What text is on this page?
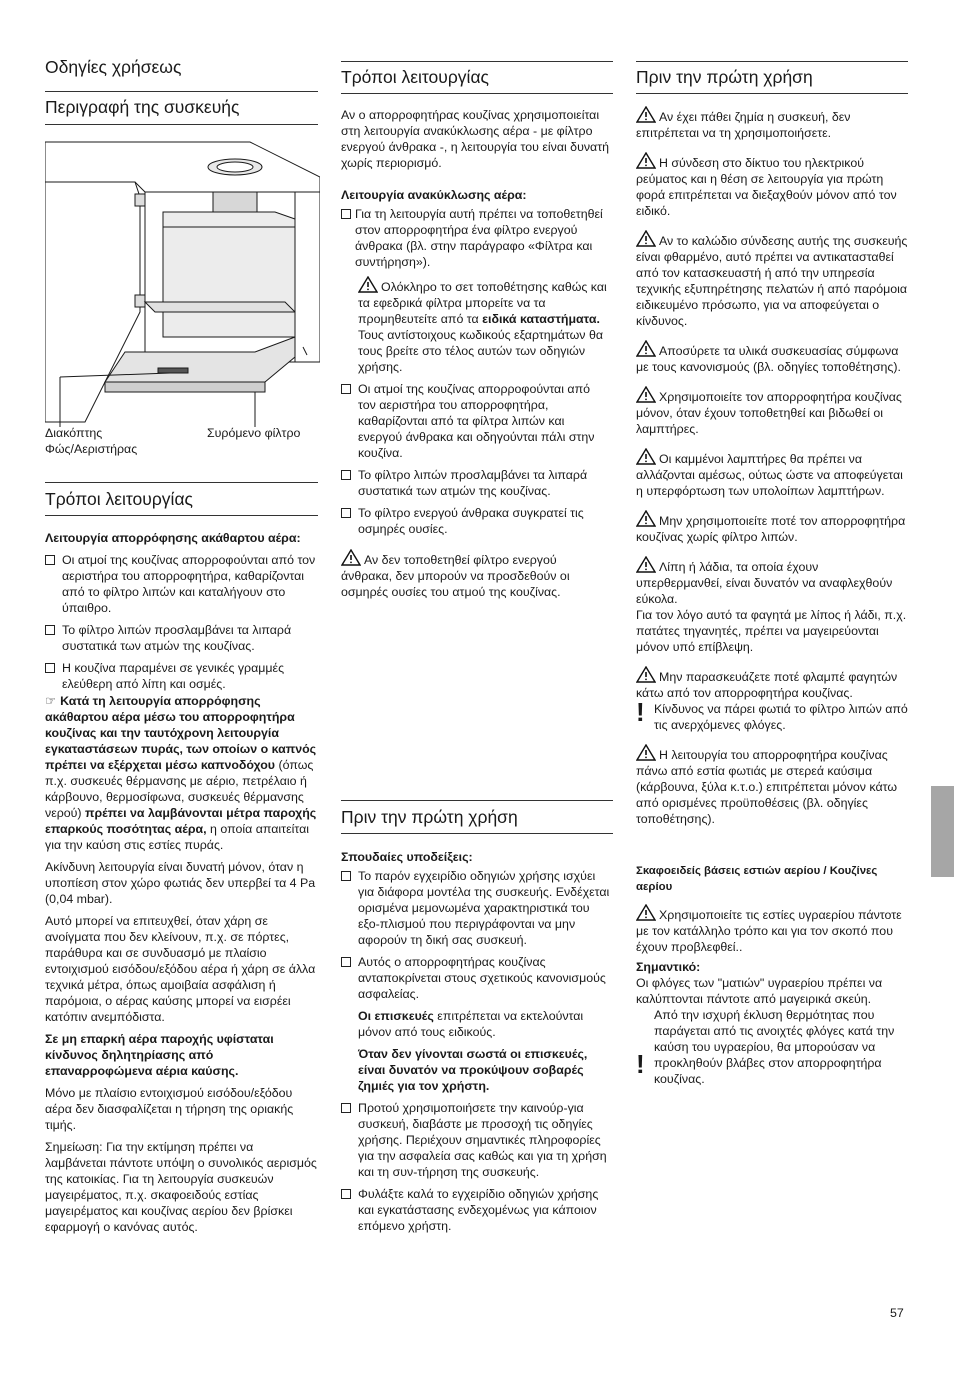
Οδηγίες χρήσεως
Περιγραφή της συσκευής
Διακόπτης
Φώς/Αεριστήρας
Συρόμενο φίλτρο
Τρόποι λειτουργίας

Λειτουργία απορρόφησης ακάθαρτου αέρα:

Οι ατμοί της κουζίνας απορροφούνται από τον αεριστήρα του απορροφητήρα, καθαρίζονται από το φίλτρο λιπών και καταλήγουν στο ύπαιθρο.
Το φίλτρο λιπών προσλαμβάνει τα λιπαρά συστατικά των ατμών της κουζίνας.
Η κουζίνα παραμένει σε γενικές γραμμές ελεύθερη από λίπη και οσμές.

☞ Κατά τη λειτουργία απορρόφησης ακάθαρτου αέρα μέσω του απορροφητήρα κουζίνας και την ταυτόχρονη λειτουργία εγκαταστάσεων πυράς, των οποίων ο καπνός πρέπει να εξέρχεται μέσω καπνοδόχου (όπως π.χ. συσκευές θέρμανσης με αέριο, πετρέλαιο ή κάρβουνο, θερμοσίφωνα, συσκευές θέρμανσης νερού) πρέπει να λαμβάνονται μέτρα παροχής επαρκούς ποσότητας αέρα, η οποία απαιτείται για την καύση στις εστίες πυράς.

Ακίνδυνη λειτουργία είναι δυνατή μόνον, όταν η υποπίεση στον χώρο φωτιάς δεν υπερβεί τα 4 Pa (0,04 mbar).

Αυτό μπορεί να επιτευχθεί, όταν χάρη σε ανοίγματα που δεν κλείνουν, π.χ. σε πόρτες, παράθυρα και σε συνδυασμό με πλαίσιο εντοιχισμού εισόδου/εξόδου αέρα ή χάρη σε άλλα τεχνικά μέτρα, όπως αμοιβαία ασφάλιση ή παρόμοια, ο αέρας καύσης μπορεί να εισρέει κατόπιν ανεμπόδιστα.

Σε μη επαρκή αέρα παροχής υφίσταται κίνδυνος δηλητηρίασης από επαναρροφώμενα αέρια καύσης.

Μόνο με πλαίσιο εντοιχισμού εισόδου/εξόδου αέρα δεν διασφαλίζεται η τήρηση της οριακής τιμής.

Σημείωση: Για την εκτίμηση πρέπει να λαμβάνεται πάντοτε υπόψη ο συνολικός αερισμός της κατοικίας. Για τη λειτουργία συσκευών μαγειρέματος, π.χ. σκαφοειδούς εστίας μαγειρέματος και κουζίνας αερίου δεν βρίσκει εφαρμογή ο κανόνας αυτός.

Τρόποι λειτουργίας

Αν ο απορροφητήρας κουζίνας χρησιμοποιείται στη λειτουργία ανακύκλωσης αέρα - με φίλτρο ενεργού άνθρακα -, η λειτουργία του είναι δυνατή χωρίς περιορισμό.

Λειτουργία ανακύκλωσης αέρα:

Για τη λειτουργία αυτή πρέπει να τοποθετηθεί στον απορροφητήρα ένα φίλτρο ενεργού άνθρακα (βλ. στην παράγραφο «Φίλτρα και συντήρηση»).
Ολόκληρο το σετ τοποθέτησης καθώς και τα εφεδρικά φίλτρα μπορείτε να τα προμηθευτείτε από τα ειδικά καταστήματα.
Τους αντίστοιχους κωδικούς εξαρτημάτων θα τους βρείτε στο τέλος αυτών των οδηγιών χρήσης.
Οι ατμοί της κουζίνας απορροφούνται από τον αεριστήρα του απορροφητήρα, καθαρίζονται από τα φίλτρα λιπών και ενεργού άνθρακα και οδηγούνται πάλι στην κουζίνα.
Το φίλτρο λιπών προσλαμβάνει τα λιπαρά συστατικά των ατμών της κουζίνας.
Το φίλτρο ενεργού άνθρακα συγκρατεί τις οσμηρές ουσίες.

Αν δεν τοποθετηθεί φίλτρο ενεργού άνθρακα, δεν μπορούν να προσδεθούν οι οσμηρές ουσίες του ατμού της κουζίνας.

Πριν την πρώτη χρήση

Σπουδαίες υποδείξεις:

Το παρόν εγχειρίδιο οδηγιών χρήσης ισχύει για διάφορα μοντέλα της συσκευής. Ενδέχεται ορισμένα μεμονωμένα χαρακτηριστικά του εξο-πλισμού που περιγράφονται να μην αφορούν τη δική σας συσκευή.
Αυτός ο απορροφητήρας κουζίνας ανταποκρίνεται στους σχετικούς κανονισμούς ασφαλείας.

Οι επισκευές επιτρέπεται να εκτελούνται μόνον από τους ειδικούς.

Όταν δεν γίνονται σωστά οι επισκευές, είναι δυνατόν να προκύψουν σοβαρές ζημιές για τον χρήστη.

Προτού χρησιμοποιήσετε την καινούρ-για συσκευή, διαβάστε με προσοχή τις οδηγίες χρήσης. Περιέχουν σημαντικές πληροφορίες για την ασφαλεία σας καθώς και για τη χρήση και τη συν-τήρηση της συσκευής.
Φυλάξτε καλά το εγχειρίδιο οδηγιών χρήσης και εγκατάστασης ενδεχομένως για κάποιον επόμενο χρήστη.
Πριν την πρώτη χρήση

Αν έχει πάθει ζημία η συσκευή, δεν επιτρέπεται να τη χρησιμοποιήσετε.

Η σύνδεση στο δίκτυο του ηλεκτρικού ρεύματος και η θέση σε λειτουργία για πρώτη φορά επιτρέπεται να διεξαχθούν μόνον από τον ειδικό.

Αν το καλώδιο σύνδεσης αυτής της συσκευής είναι φθαρμένο, αυτό πρέπει να αντικατασταθεί από τον κατασκευαστή ή από την υπηρεσία τεχνικής εξυπηρέτησης πελατών ή από παρόμοια ειδικευμένο πρόσωπο, για να αποφεύγεται ο κίνδυνος.

Αποσύρετε τα υλικά συσκευασίας σύμφωνα με τους κανονισμούς (βλ. οδηγίες τοποθέτησης).

Χρησιμοποιείτε τον απορροφητήρα κουζίνας μόνον, όταν έχουν τοποθετηθεί και βιδωθεί οι λαμπτήρες.

Οι καμμένοι λαμπτήρες θα πρέπει να αλλάζονται αμέσως, ούτως ώστε να αποφεύγεται η υπερφόρτωση των υπολοίπων λαμπτήρων.

Μην χρησιμοποιείτε ποτέ τον απορροφητήρα κουζίνας χωρίς φίλτρο λιπών.

Λίπη ή λάδια, τα οποία έχουν υπερθερμανθεί, είναι δυνατόν να αναφλεχθούν εύκολα.
Για τον λόγο αυτό τα φαγητά με λίπος ή λάδι, π.χ. πατάτες τηγανητές, πρέπει να μαγειρεύονται μόνον υπό επίβλεψη.

Μην παρασκευάζετε ποτέ φλαμπέ φαγητών κάτω από τον απορροφητήρα κουζίνας.

! Κίνδυνος να πάρει φωτιά το φίλτρο λιπών από τις ανερχόμενες φλόγες.

Η λειτουργία του απορροφητήρα κουζίνας πάνω από εστία φωτιάς με στερεά καύσιμα (κάρβουνα, ξύλα κ.τ.ο.) επιτρέπεται μόνον κάτω από ορισμένες προϋποθέσεις (βλ. οδηγίες τοποθέτησης).

Σκαφοειδείς βάσεις εστιών αερίου / Κουζίνες αερίου

Χρησιμοποιείτε τις εστίες υγραερίου πάντοτε με τον κατάλληλο τρόπο και για τον σκοπό που έχουν προβλεφθεί..

Σημαντικό:

Οι φλόγες των "ματιών" υγραερίου πρέπει να καλύπτονται πάντοτε από μαγειρικά σκεύη.

!
Από την ισχυρή έκλυση θερμότητας που παράγεται από τις ανοιχτές φλόγες κατά την καύση του υγραερίου, θα μπορούσαν να προκληθούν βλάβες στον απορροφητήρα κουζίνας.
57
